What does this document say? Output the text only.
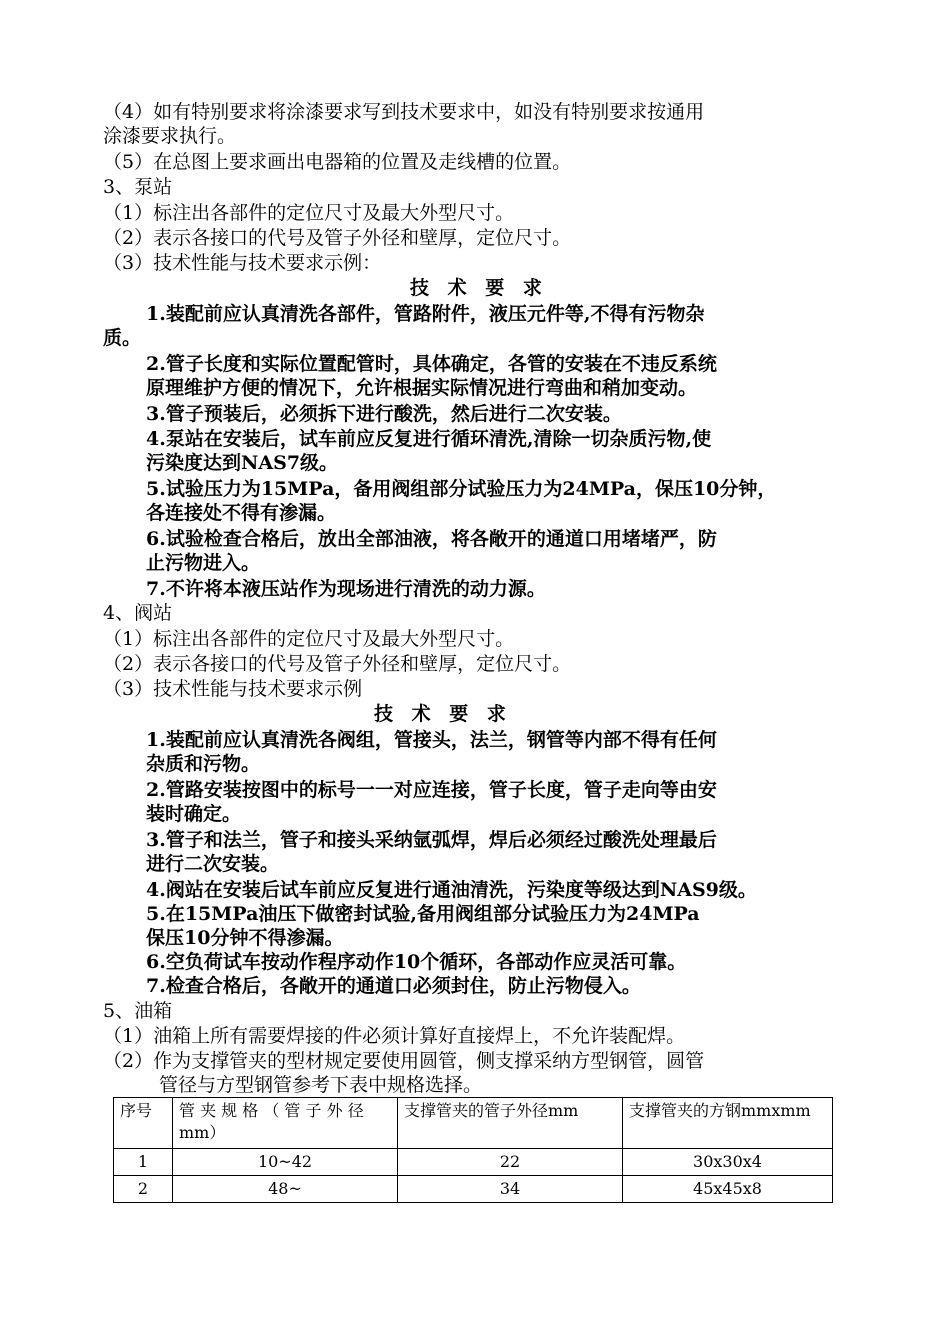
（4）如有特别要求将涂漆要求写到技术要求中，如没有特别要求按通用
涂漆要求执行。
（5）在总图上要求画出电器箱的位置及走线槽的位置。
3、泵站
（1）标注出各部件的定位尺寸及最大外型尺寸。
（2）表示各接口的代号及管子外径和壁厚，定位尺寸。
（3）技术性能与技术要求示例：
技 术 要 求
1.装配前应认真清洗各部件，管路附件，液压元件等,不得有污物杂
质。
2.管子长度和实际位置配管时，具体确定，各管的安装在不违反系统
原理维护方便的情况下，允许根据实际情况进行弯曲和稍加变动。
3.管子预装后，必须拆下进行酸洗，然后进行二次安装。
4.泵站在安装后，试车前应反复进行循环清洗,清除一切杂质污物,使
污染度达到NAS7级。
5.试验压力为15MPa，备用阀组部分试验压力为24MPa，保压10分钟，
各连接处不得有渗漏。
6.试验检查合格后，放出全部油液，将各敞开的通道口用堵堵严，防
止污物进入。
7.不许将本液压站作为现场进行清洗的动力源。
4、阀站
（1）标注出各部件的定位尺寸及最大外型尺寸。
（2）表示各接口的代号及管子外径和壁厚，定位尺寸。
（3）技术性能与技术要求示例
技 术 要 求
1.装配前应认真清洗各阀组，管接头，法兰，钢管等内部不得有任何
杂质和污物。
2.管路安装按图中的标号一一对应连接，管子长度，管子走向等由安
装时确定。
3.管子和法兰，管子和接头采纳氩弧焊，焊后必须经过酸洗处理最后
进行二次安装。
4.阀站在安装后试车前应反复进行通油清洗，污染度等级达到NAS9级。
5.在15MPa油压下做密封试验,备用阀组部分试验压力为24MPa
保压10分钟不得渗漏。
6.空负荷试车按动作程序动作10个循环，各部动作应灵活可靠。
7.检查合格后，各敞开的通道口必须封住，防止污物侵入。
5、油箱
（1）油箱上所有需要焊接的件必须计算好直接焊上，不允许装配焊。
（2）作为支撑管夹的型材规定要使用圆管，侧支撑采纳方型钢管，圆管
管径与方型钢管参考下表中规格选择。
序号	管 夹 规 格 （ 管 子 外 径 mm）	支撑管夹的管子外径mm	支撑管夹的方钢mmxmm
1	10~42	22	30x30x4
2	48~	34	45x45x8
